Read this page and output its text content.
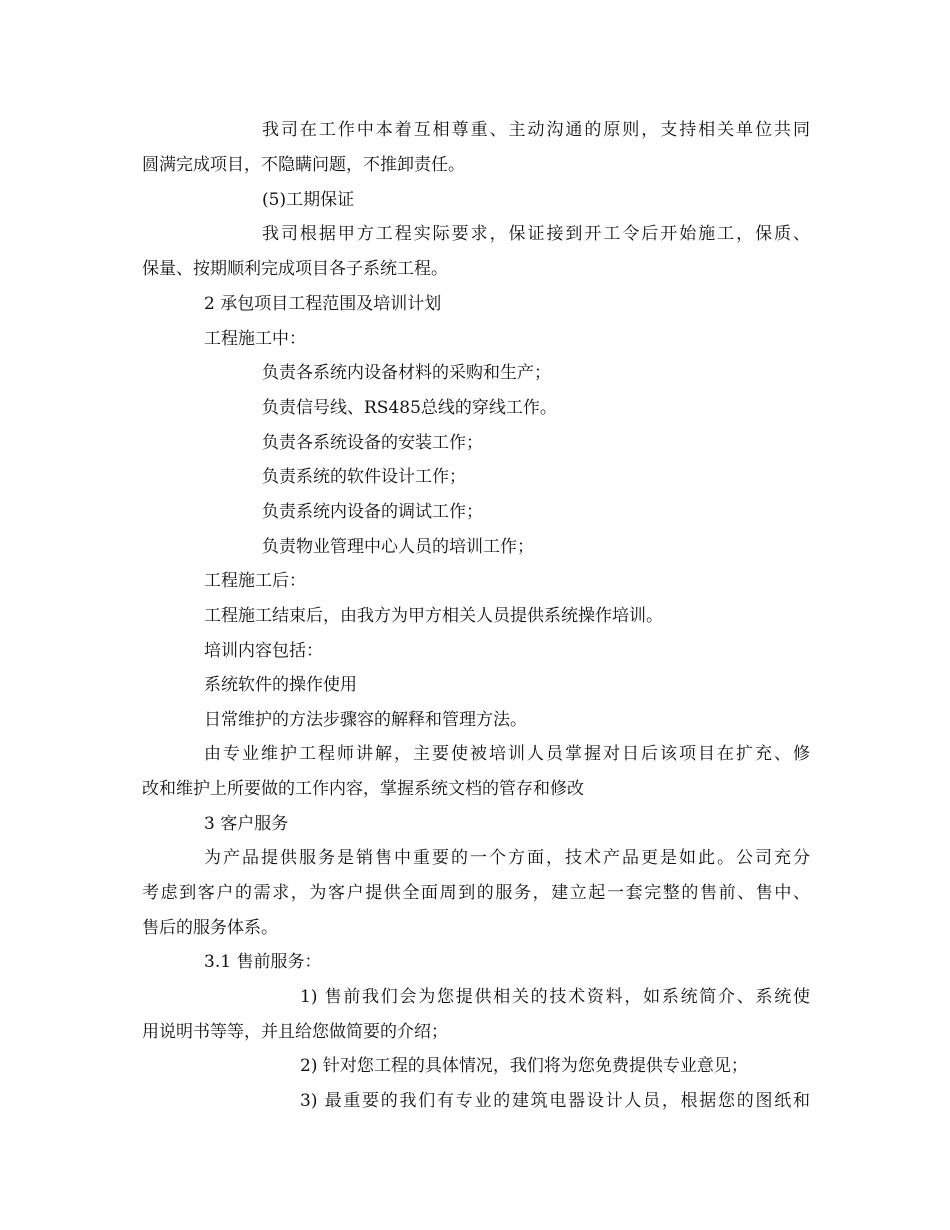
我司在工作中本着互相尊重、主动沟通的原则，支持相关单位共同
圆满完成项目，不隐瞒问题，不推卸责任。
(5)工期保证
我司根据甲方工程实际要求，保证接到开工令后开始施工，保质、
保量、按期顺利完成项目各子系统工程。
2 承包项目工程范围及培训计划
工程施工中：
负责各系统内设备材料的采购和生产；
负责信号线、RS485总线的穿线工作。
负责各系统设备的安装工作；
负责系统的软件设计工作；
负责系统内设备的调试工作；
负责物业管理中心人员的培训工作；
工程施工后：
工程施工结束后，由我方为甲方相关人员提供系统操作培训。
培训内容包括：
系统软件的操作使用
日常维护的方法步骤容的解释和管理方法。
由专业维护工程师讲解，主要使被培训人员掌握对日后该项目在扩充、修
改和维护上所要做的工作内容，掌握系统文档的管存和修改
3 客户服务
为产品提供服务是销售中重要的一个方面，技术产品更是如此。公司充分
考虑到客户的需求，为客户提供全面周到的服务，建立起一套完整的售前、售中、
售后的服务体系。
3.1 售前服务：
1) 售前我们会为您提供相关的技术资料，如系统简介、系统使
用说明书等等，并且给您做简要的介绍；
2) 针对您工程的具体情况，我们将为您免费提供专业意见；
3) 最重要的我们有专业的建筑电器设计人员，根据您的图纸和
